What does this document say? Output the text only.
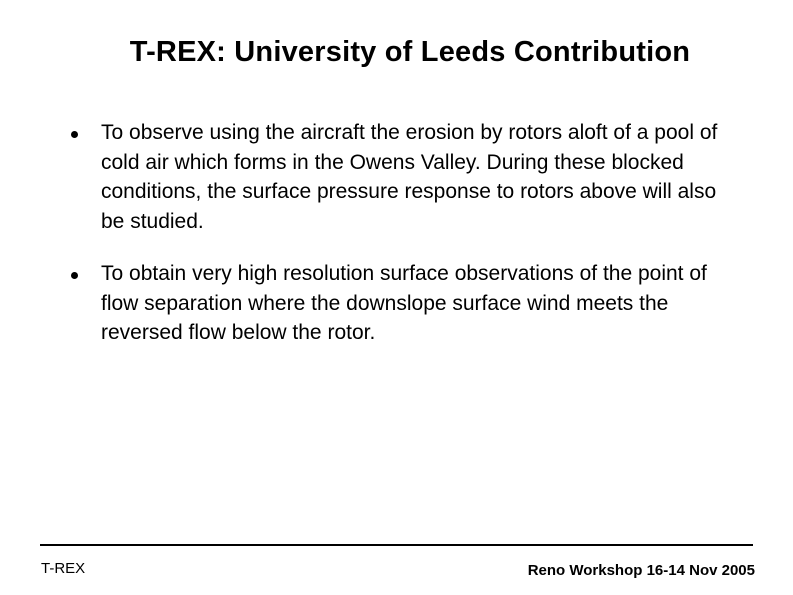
T-REX: University of Leeds Contribution
To observe using the aircraft the erosion by rotors aloft of a pool of cold air which forms in the Owens Valley. During these blocked conditions, the surface pressure response to rotors above will also be studied.
To obtain very high resolution surface observations of the point of flow separation where the downslope surface wind meets the reversed flow below the rotor.
T-REX	Reno Workshop 16-14 Nov 2005
